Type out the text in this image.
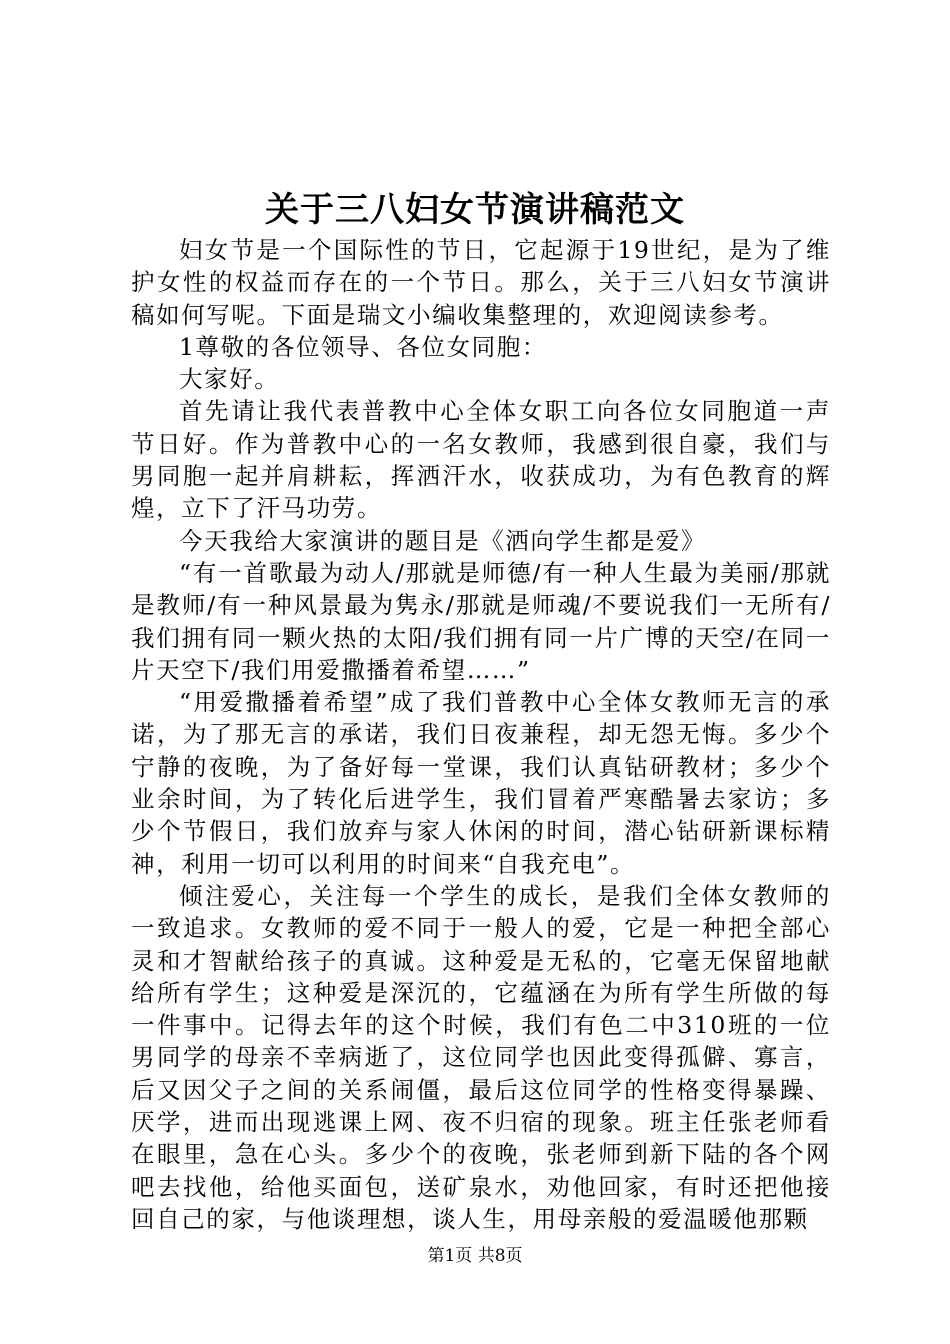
关于三八妇女节演讲稿范文

妇女节是一个国际性的节日，它起源于19世纪，是为了维护女性的权益而存在的一个节日。那么，关于三八妇女节演讲稿如何写呢。下面是瑞文小编收集整理的，欢迎阅读参考。

1尊敬的各位领导、各位女同胞：

大家好。

首先请让我代表普教中心全体女职工向各位女同胞道一声节日好。作为普教中心的一名女教师，我感到很自豪，我们与男同胞一起并肩耕耘，挥洒汗水，收获成功，为有色教育的辉煌，立下了汗马功劳。

今天我给大家演讲的题目是《洒向学生都是爱》

“有一首歌最为动人/那就是师德/有一种人生最为美丽/那就是教师/有一种风景最为隽永/那就是师魂/不要说我们一无所有/我们拥有同一颗火热的太阳/我们拥有同一片广博的天空/在同一片天空下/我们用爱撒播着希望……”

“用爱撒播着希望”成了我们普教中心全体女教师无言的承诺，为了那无言的承诺，我们日夜兼程，却无怨无悔。多少个宁静的夜晚，为了备好每一堂课，我们认真钻研教材；多少个业余时间，为了转化后进学生，我们冒着严寒酷暑去家访；多少个节假日，我们放弃与家人休闲的时间，潜心钻研新课标精神，利用一切可以利用的时间来“自我充电”。

倾注爱心，关注每一个学生的成长，是我们全体女教师的一致追求。女教师的爱不同于一般人的爱，它是一种把全部心灵和才智献给孩子的真诚。这种爱是无私的，它毫无保留地献给所有学生；这种爱是深沉的，它蕴涵在为所有学生所做的每一件事中。记得去年的这个时候，我们有色二中310班的一位男同学的母亲不幸病逝了，这位同学也因此变得孤僻、寡言，后又因父子之间的关系闹僵，最后这位同学的性格变得暴躁、厌学，进而出现逃课上网、夜不归宿的现象。班主任张老师看在眼里，急在心头。多少个的夜晚，张老师到新下陆的各个网吧去找他，给他买面包，送矿泉水，劝他回家，有时还把他接回自己的家，与他谈理想，谈人生，用母亲般的爱温暖他那颗

第1页 共8页
